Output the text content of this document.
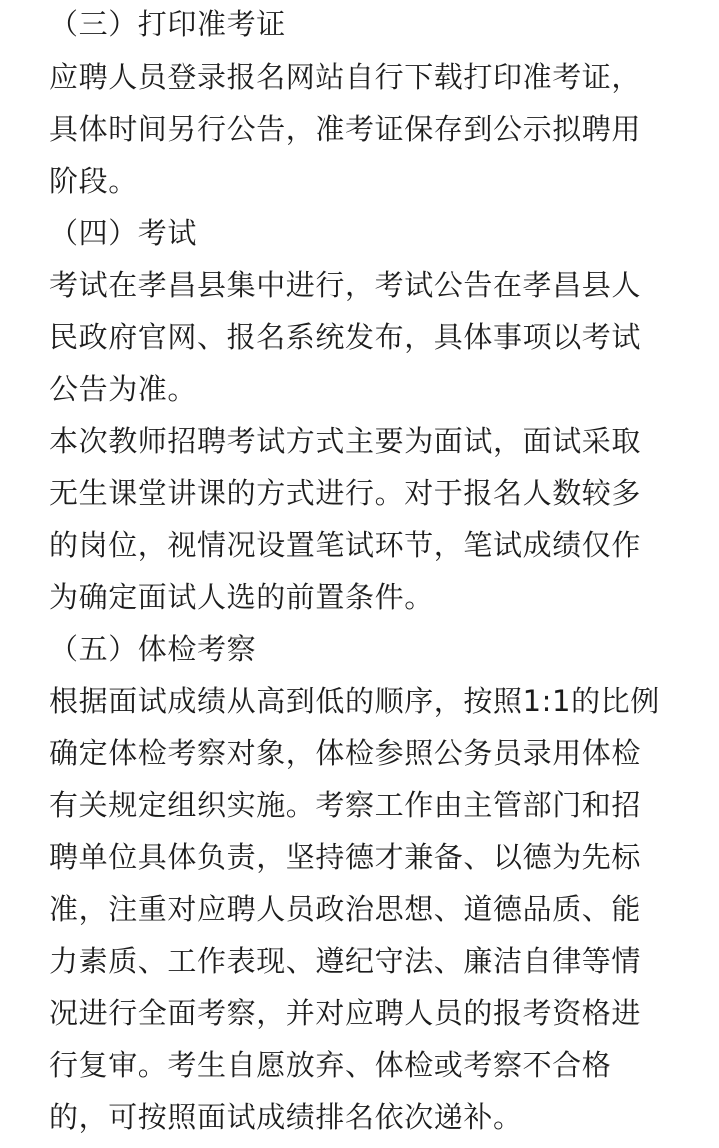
（三）打印准考证
应聘人员登录报名网站自行下载打印准考证，
具体时间另行公告，准考证保存到公示拟聘用
阶段。
（四）考试
考试在孝昌县集中进行，考试公告在孝昌县人
民政府官网、报名系统发布，具体事项以考试
公告为准。
本次教师招聘考试方式主要为面试，面试采取
无生课堂讲课的方式进行。对于报名人数较多
的岗位，视情况设置笔试环节，笔试成绩仅作
为确定面试人选的前置条件。
（五）体检考察
根据面试成绩从高到低的顺序，按照1:1的比例
确定体检考察对象，体检参照公务员录用体检
有关规定组织实施。考察工作由主管部门和招
聘单位具体负责，坚持德才兼备、以德为先标
准，注重对应聘人员政治思想、道德品质、能
力素质、工作表现、遵纪守法、廉洁自律等情
况进行全面考察，并对应聘人员的报考资格进
行复审。考生自愿放弃、体检或考察不合格
的，可按照面试成绩排名依次递补。
